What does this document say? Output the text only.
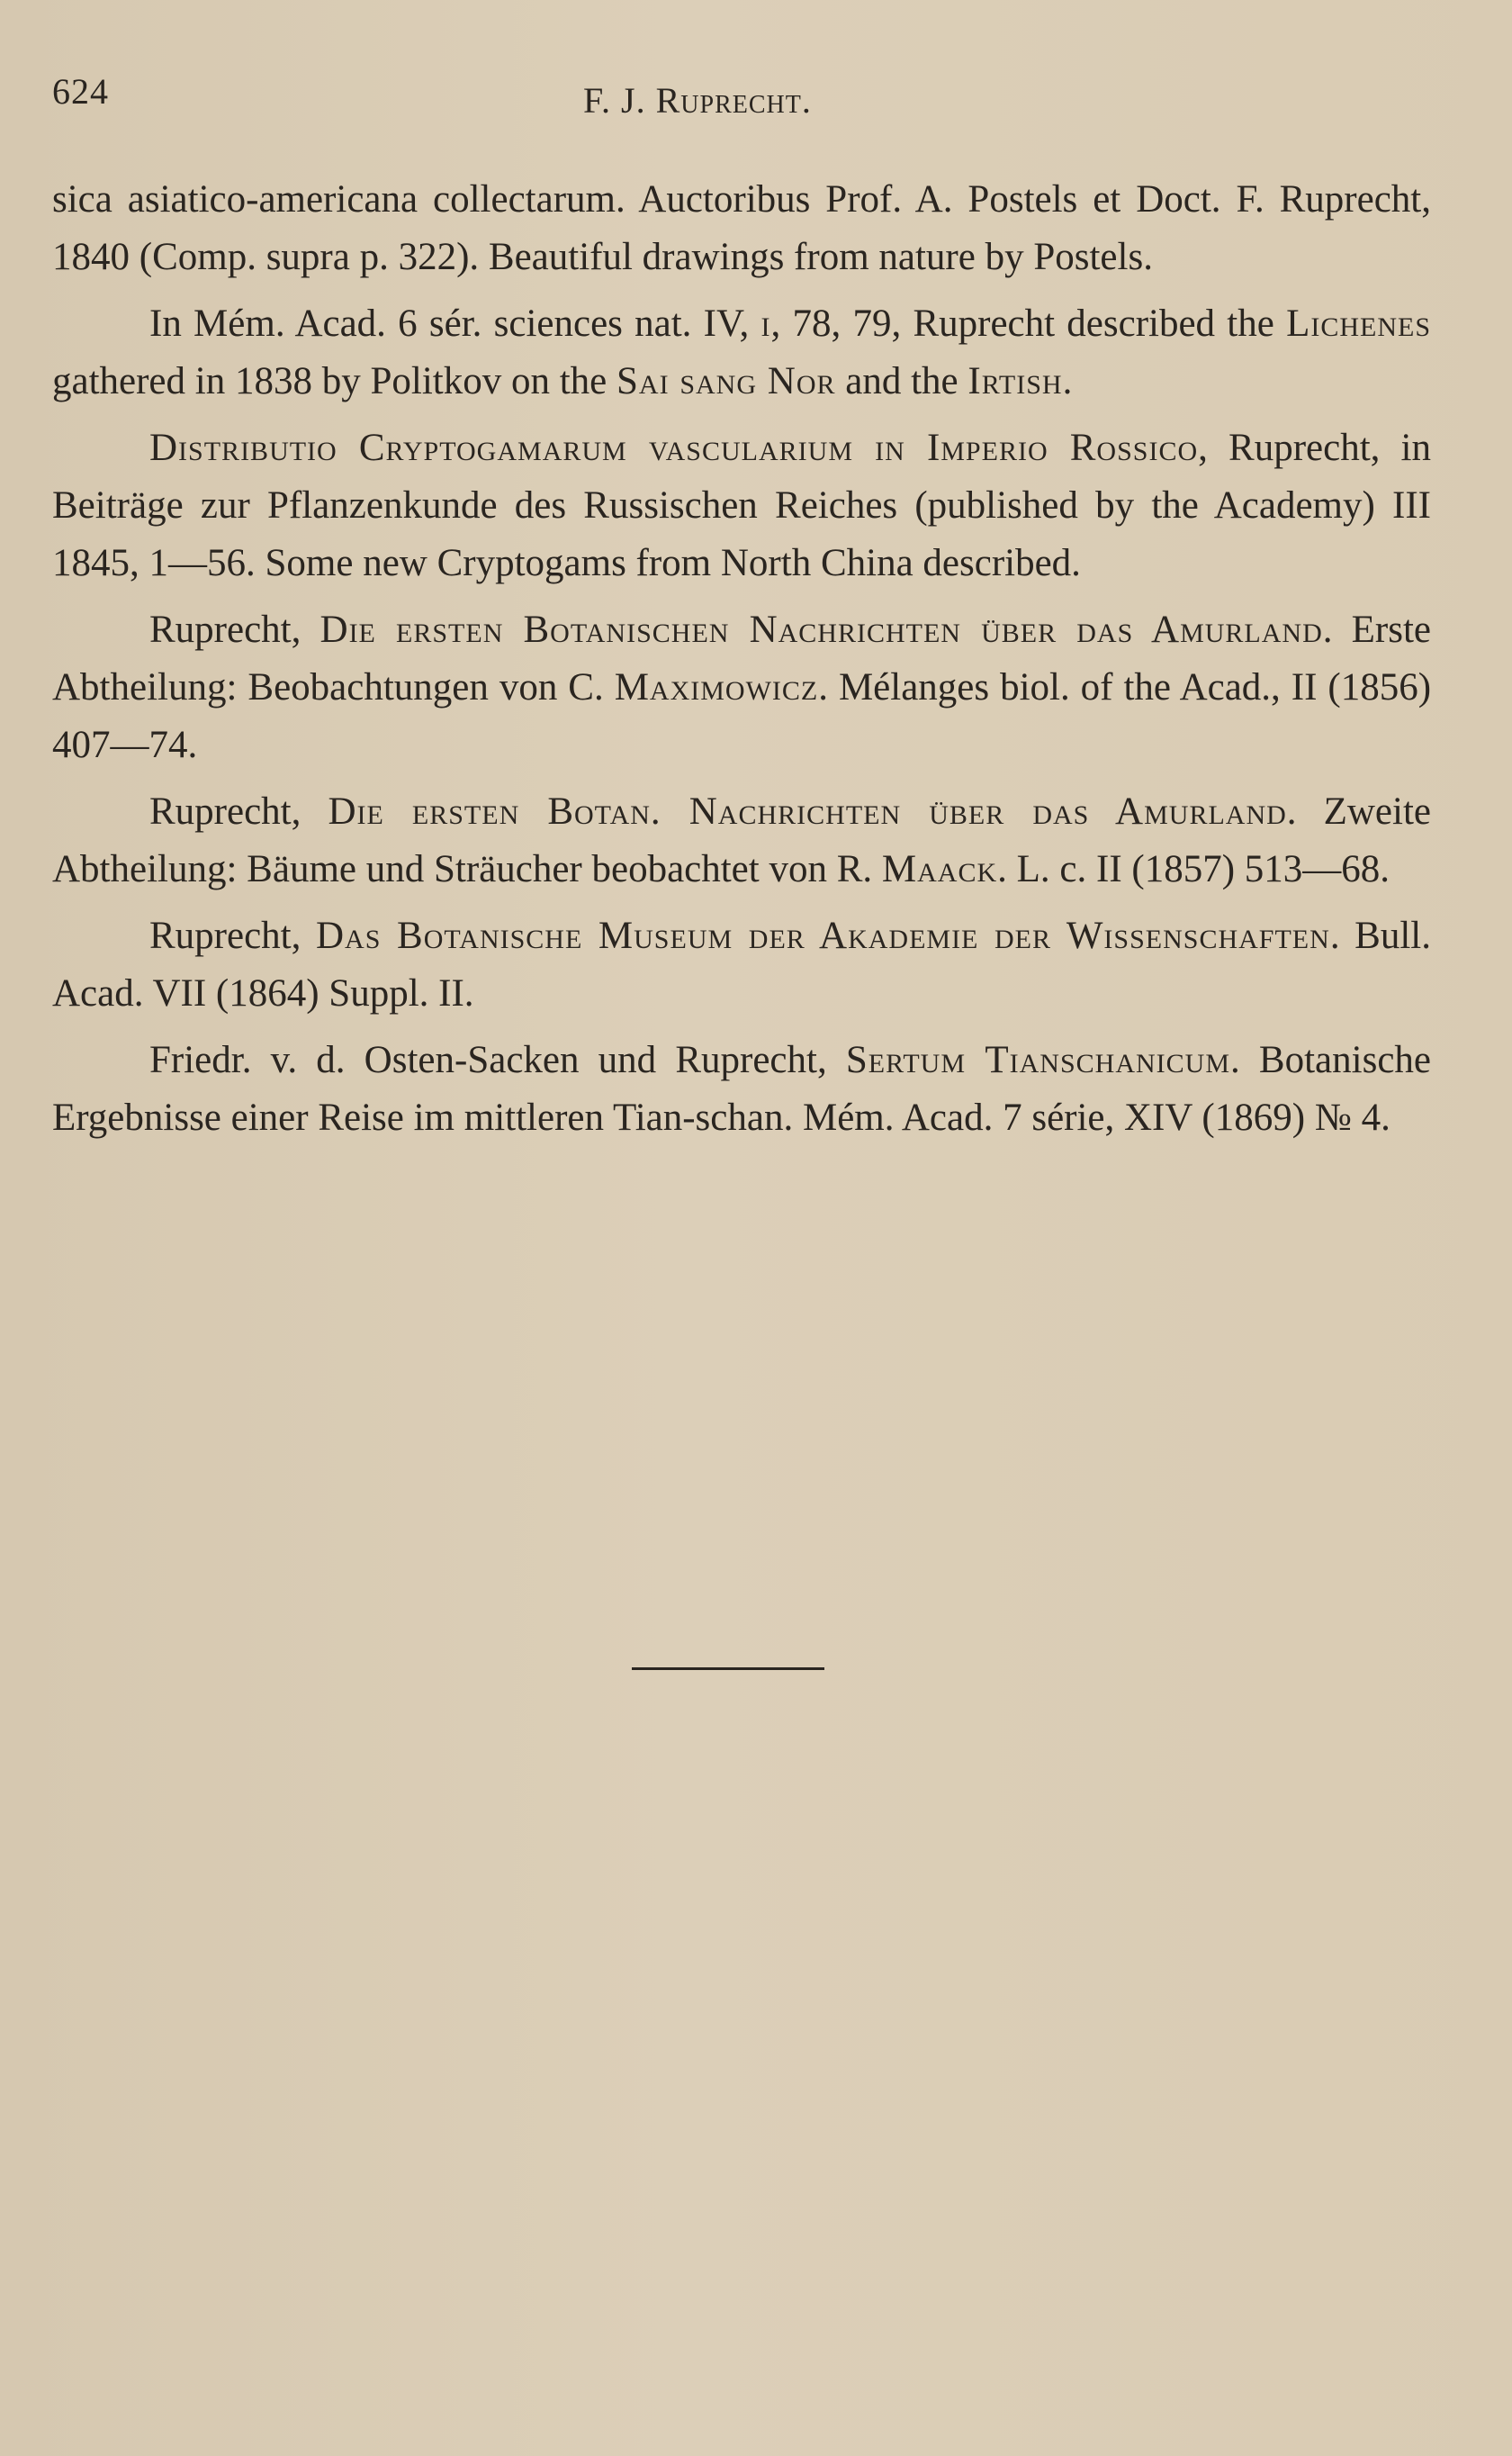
624	F. J. Ruprecht.

sica asiatico-americana collectarum. Auctoribus Prof. A. Postels et Doct. F. Ruprecht, 1840 (Comp. supra p. 322). Beautiful drawings from nature by Postels.

In Mém. Acad. 6 sér. sciences nat. IV, i, 78, 79, Ruprecht described the Lichenes gathered in 1838 by Politkov on the Sai sang Nor and the Irtish.

Distributio Cryptogamarum vascularium in Imperio Rossico, Ruprecht, in Beiträge zur Pflanzenkunde des Russischen Reiches (published by the Academy) III 1845, 1—56. Some new Cryptogams from North China described.

Ruprecht, Die ersten Botanischen Nachrichten über das Amurland. Erste Abtheilung: Beobachtungen von C. Maximowicz. Mélanges biol. of the Acad., II (1856) 407—74.

Ruprecht, Die ersten Botan. Nachrichten über das Amurland. Zweite Abtheilung: Bäume und Sträucher beobachtet von R. Maack. L. c. II (1857) 513—68.

Ruprecht, Das Botanische Museum der Akademie der Wissenschaften. Bull. Acad. VII (1864) Suppl. II.

Friedr. v. d. Osten-Sacken und Ruprecht, Sertum Tianschanicum. Botanische Ergebnisse einer Reise im mittleren Tian-schan. Mém. Acad. 7 série, XIV (1869) № 4.
